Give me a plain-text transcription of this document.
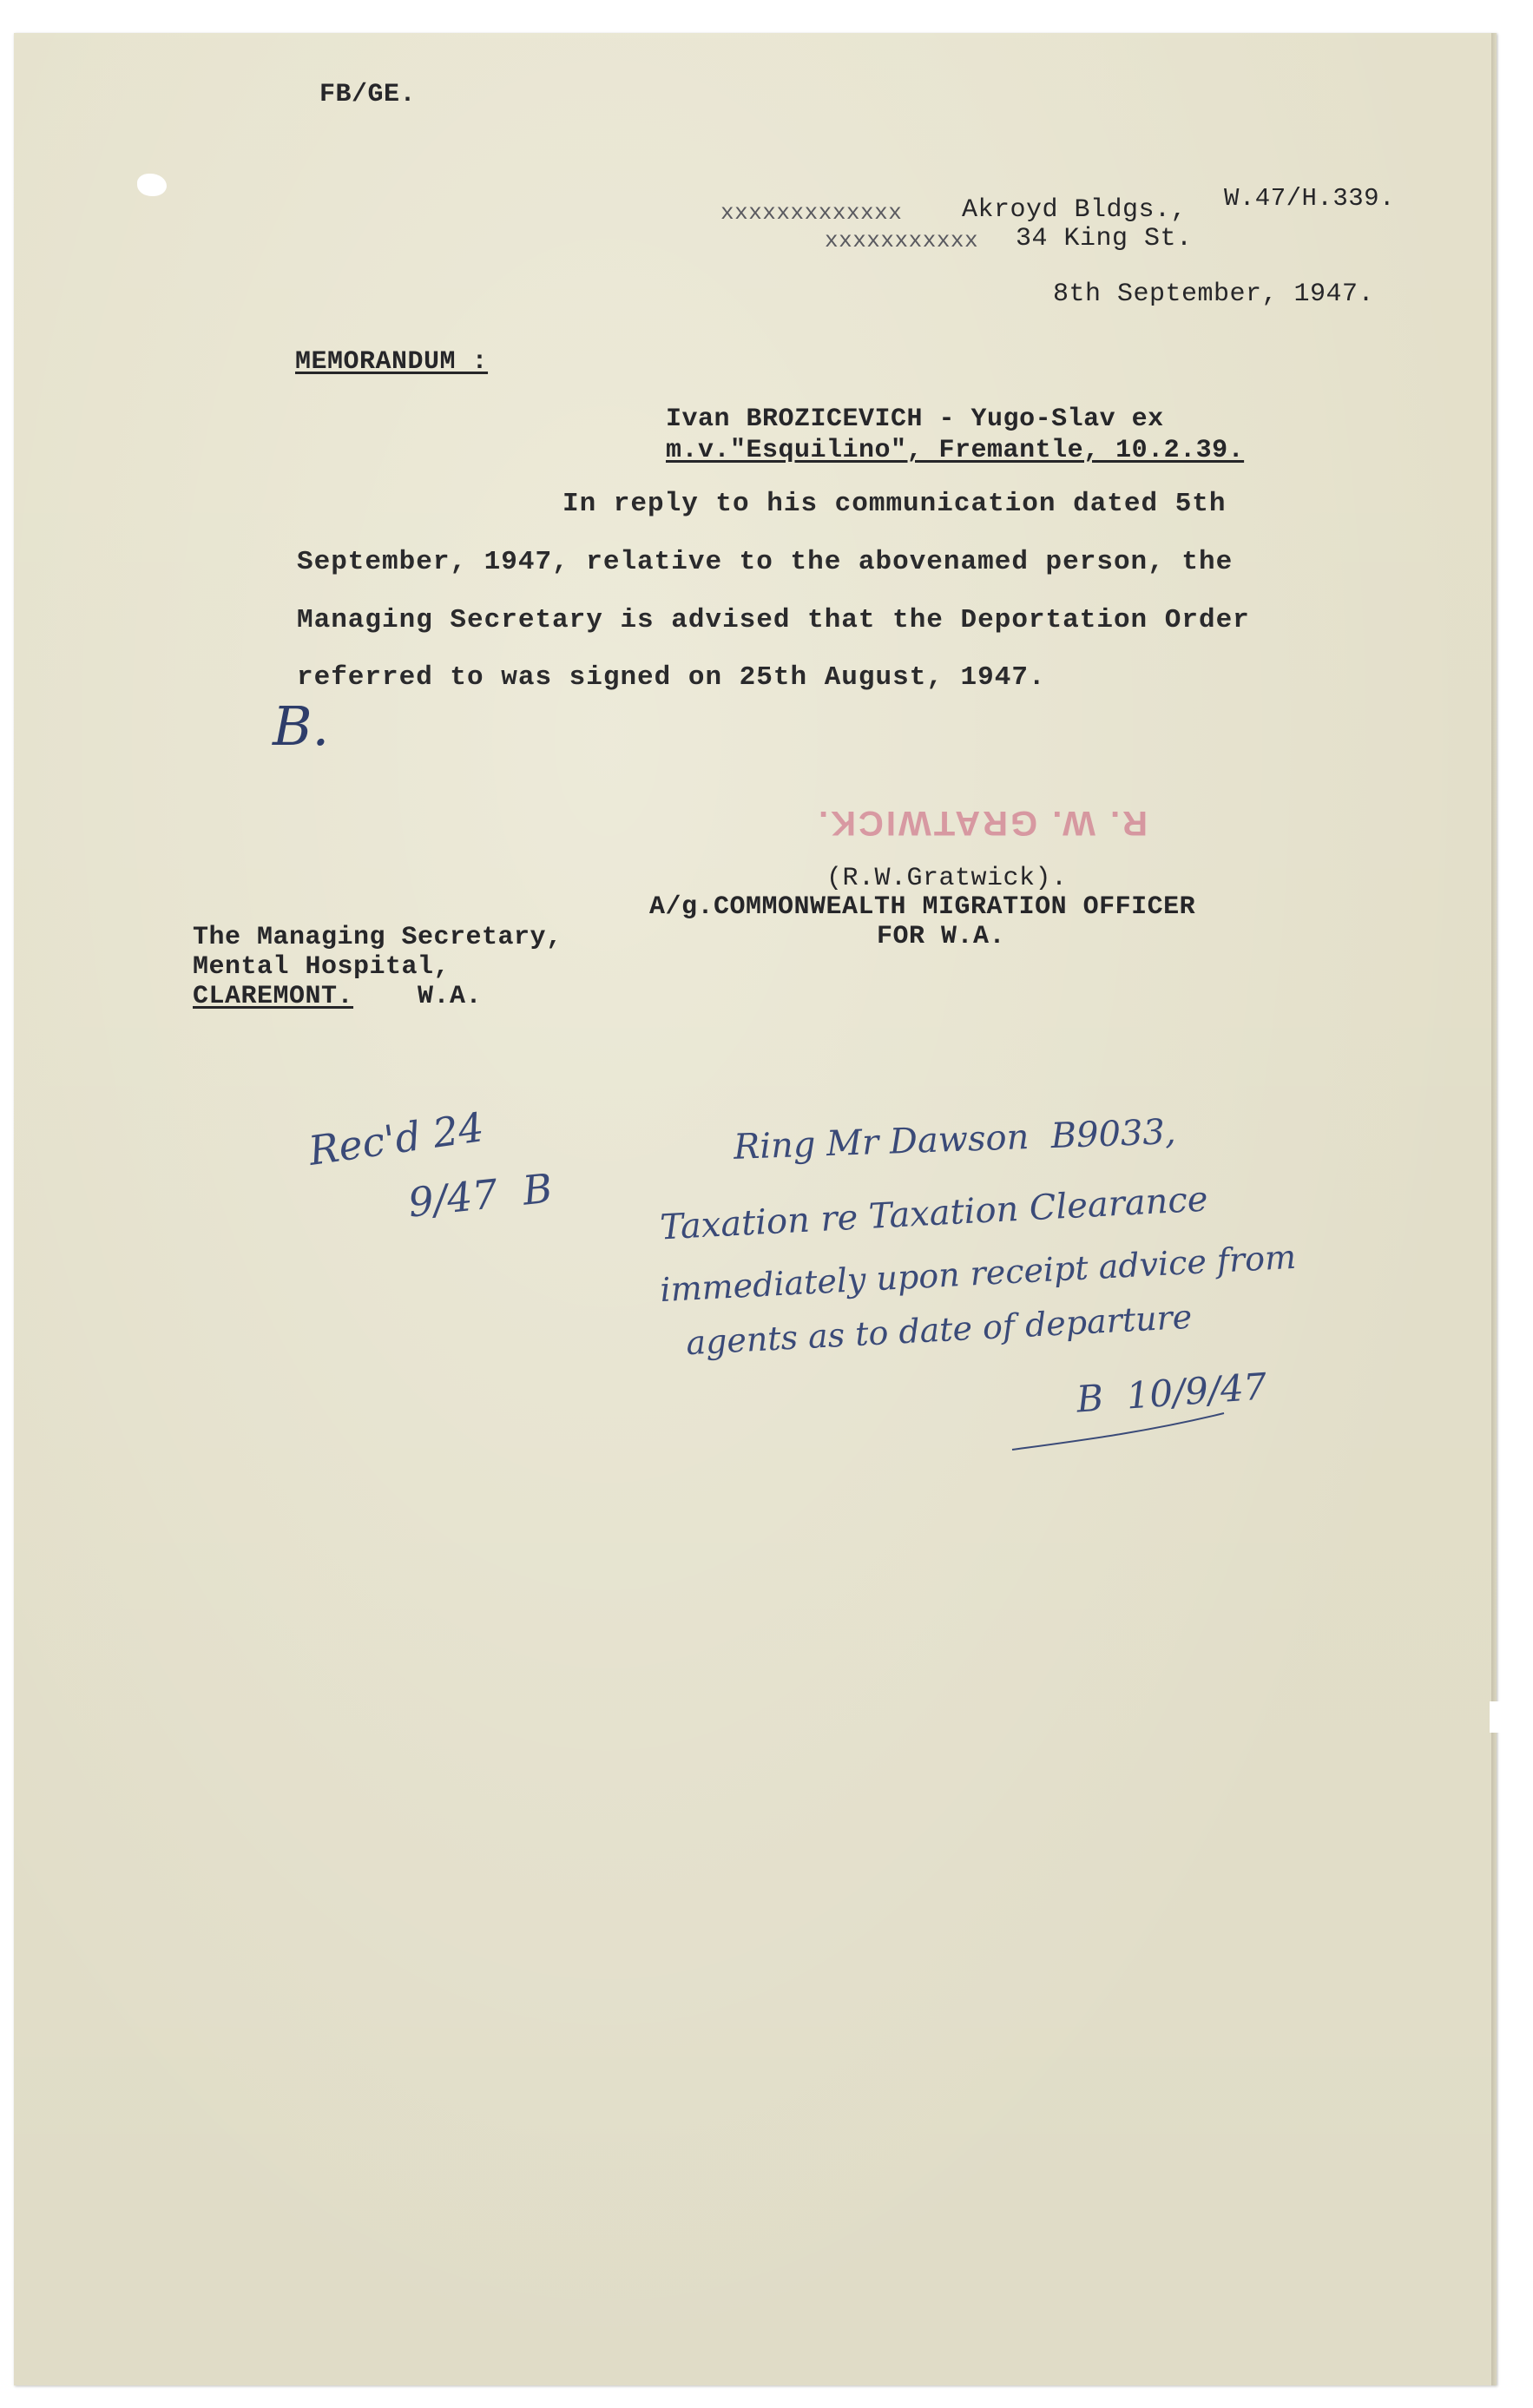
FB/GE.
W.47/H.339.
xxxxxxxxxxxxx Akroyd Bldgs.,
xxxxxxxxxxx 34 King St.
8th September, 1947.
MEMORANDUM :
Ivan BROZICEVICH - Yugo-Slav ex
m.v."Esquilino", Fremantle, 10.2.39.
In reply to his communication dated 5th
September, 1947, relative to the abovenamed person, the
Managing Secretary is advised that the Deportation Order
referred to was signed on 25th August, 1947.
B.
R. W. GRATWICK.
(R.W.Gratwick).
A/g.COMMONWEALTH MIGRATION OFFICER
FOR W.A.
The Managing Secretary,
Mental Hospital,
CLAREMONT. W.A.
Rec'd 24
9/47  B
Ring Mr Dawson  B9033,
Taxation re Taxation Clearance
immediately upon receipt advice from
agents as to date of departure
B  10/9/47
